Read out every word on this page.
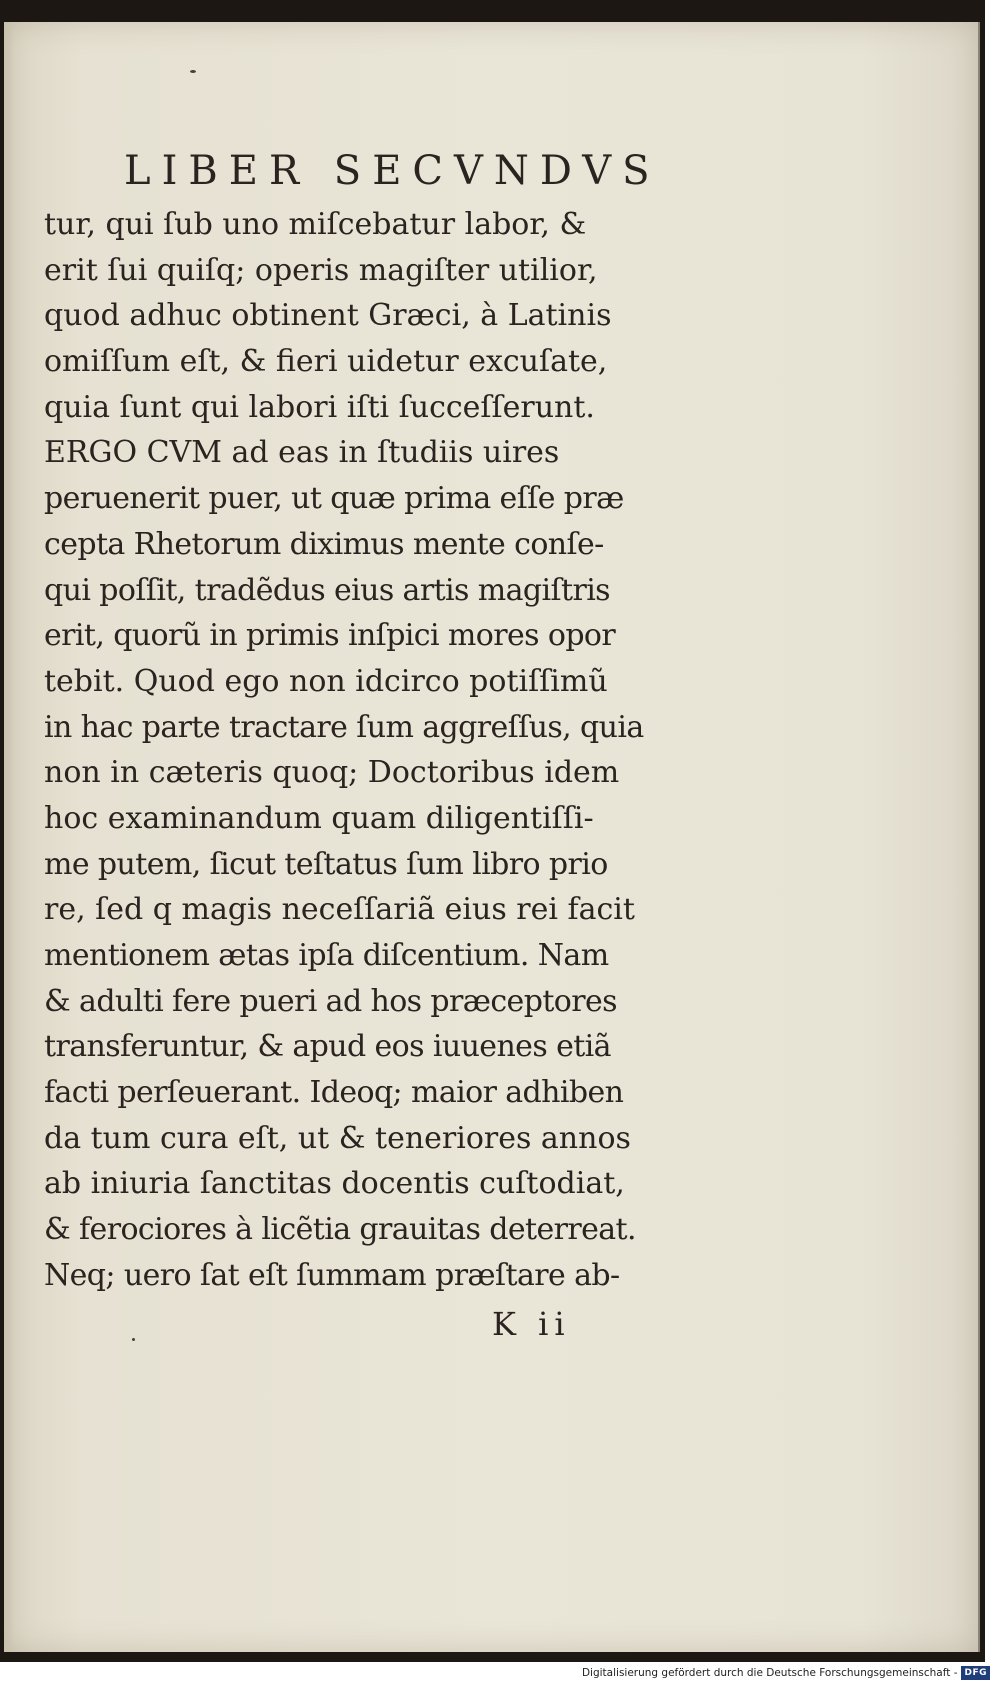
LIBER SECVNDVS
tur, qui ſub uno miſcebatur labor, &
erit ſui quiſq; operis magiſter utilior,
quod adhuc obtinent Græci, à Latinis
omiſſum eſt, & fieri uidetur excuſate,
quia ſunt qui labori iſti ſucceſſerunt.
ERGO CVM ad eas in ſtudiis uires
peruenerit puer, ut quæ prima eſſe præ
cepta Rhetorum diximus mente conſe-
qui poſſit, tradẽdus eius artis magiſtris
erit, quorũ in primis inſpici mores opor
tebit. Quod ego non idcirco potiſſimũ
in hac parte tractare ſum aggreſſus, quia
non in cæteris quoq; Doctoribus idem
hoc examinandum quam diligentiſſi-
me putem, ſicut teſtatus ſum libro prio
re, ſed q magis neceſſariã eius rei facit
mentionem ætas ipſa diſcentium. Nam
& adulti fere pueri ad hos præceptores
transferuntur, & apud eos iuuenes etiã
facti perſeuerant. Ideoq; maior adhiben
da tum cura eſt, ut & teneriores annos
ab iniuria ſanctitas docentis cuſtodiat,
& ferociores à licẽtia grauitas deterreat.
Neq; uero ſat eſt ſummam præſtare ab-
K ii
Digitalisierung gefördert durch die Deutsche Forschungsgemeinschaft - DFG
